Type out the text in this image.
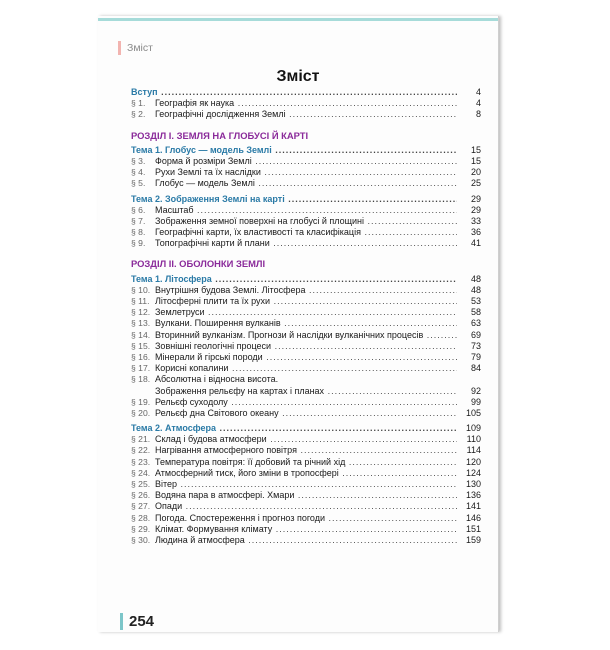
Зміст
Зміст
Вступ .....	4
§ 1.	Географія як наука .....	4
§ 2.	Географічні дослідження Землі .....	8
РОЗДІЛ І. ЗЕМЛЯ НА ГЛОБУСІ Й КАРТІ
Тема 1. Глобус — модель Землі .....	15
§ 3.	Форма й розміри Землі .....	15
§ 4.	Рухи Землі та їх наслідки .....	20
§ 5.	Глобус — модель Землі .....	25
Тема 2. Зображення Землі на карті .....	29
§ 6.	Масштаб .....	29
§ 7.	Зображення земної поверхні на глобусі й площині .....	33
§ 8.	Географічні карти, їх властивості та класифікація .....	36
§ 9.	Топографічні карти й плани .....	41
РОЗДІЛ ІІ. ОБОЛОНКИ ЗЕМЛІ
Тема 1. Літосфера .....	48
§ 10. Внутрішня будова Землі. Літосфера .....	48
§ 11. Літосферні плити та їх рухи .....	53
§ 12. Землетруси .....	58
§ 13. Вулкани. Поширення вулканів .....	63
§ 14. Вторинний вулканізм. Прогнози й наслідки вулканічних процесів .....	69
§ 15. Зовнішні геологічні процеси .....	73
§ 16. Мінерали й гірські породи .....	79
§ 17. Корисні копалини .....	84
§ 18. Абсолютна і відносна висота.
Зображення рельєфу на картах і планах .....	92
§ 19. Рельєф суходолу .....	99
§ 20. Рельєф дна Світового океану .....	105
Тема 2. Атмосфера .....	109
§ 21. Склад і будова атмосфери .....	110
§ 22. Нагрівання атмосферного повітря .....	114
§ 23. Температура повітря: її добовий та річний хід .....	120
§ 24. Атмосферний тиск, його зміни в тропосфері .....	124
§ 25. Вітер .....	130
§ 26. Водяна пара в атмосфері. Хмари .....	136
§ 27. Опади .....	141
§ 28. Погода. Спостереження і прогноз погоди .....	146
§ 29. Клімат. Формування клімату .....	151
§ 30. Людина й атмосфера .....	159
254
